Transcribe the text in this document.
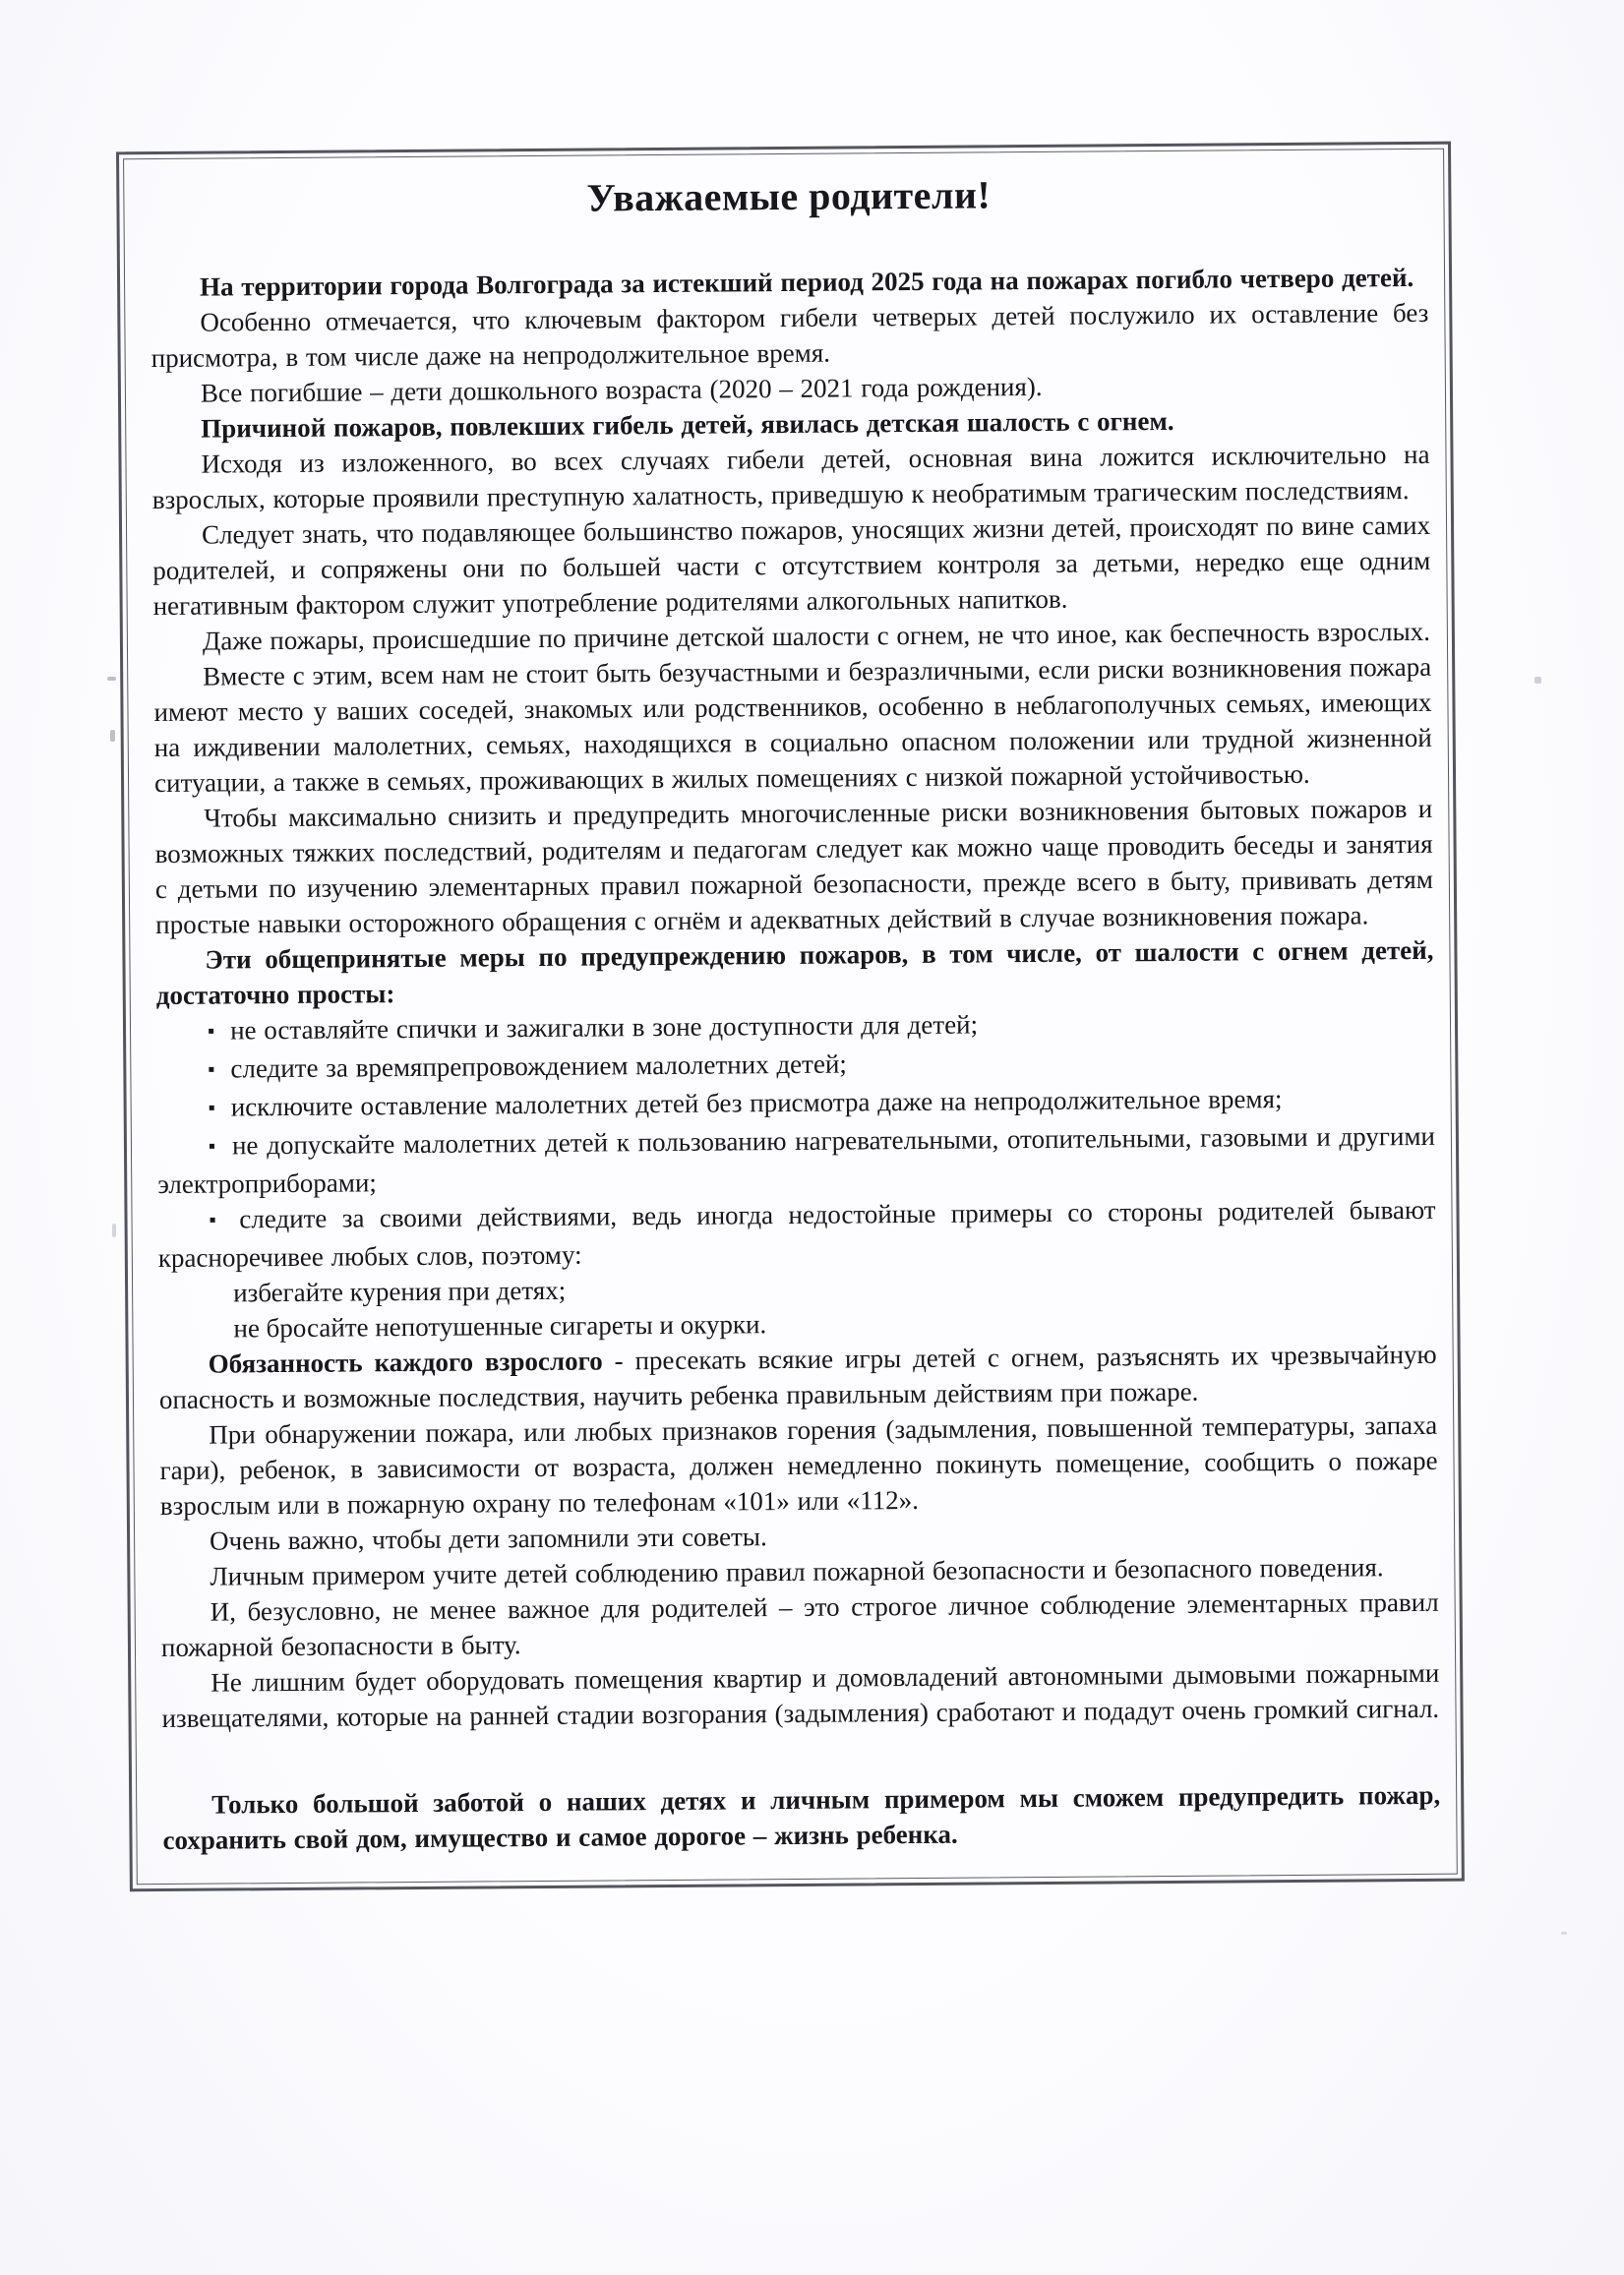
Уважаемые родители!

На территории города Волгограда за истекший период 2025 года на пожарах погибло четверо детей.

Особенно отмечается, что ключевым фактором гибели четверых детей послужило их оставление без присмотра, в том числе даже на непродолжительное время.

Все погибшие – дети дошкольного возраста (2020 – 2021 года рождения).

Причиной пожаров, повлекших гибель детей, явилась детская шалость с огнем.

Исходя из изложенного, во всех случаях гибели детей, основная вина ложится исключительно на взрослых, которые проявили преступную халатность, приведшую к необратимым трагическим последствиям.

Следует знать, что подавляющее большинство пожаров, уносящих жизни детей, происходят по вине самих родителей, и сопряжены они по большей части с отсутствием контроля за детьми, нередко еще одним негативным фактором служит употребление родителями алкогольных напитков.

Даже пожары, происшедшие по причине детской шалости с огнем, не что иное, как беспечность взрослых.

Вместе с этим, всем нам не стоит быть безучастными и безразличными, если риски возникновения пожара имеют место у ваших соседей, знакомых или родственников, особенно в неблагополучных семьях, имеющих на иждивении малолетних, семьях, находящихся в социально опасном положении или трудной жизненной ситуации, а также в семьях, проживающих в жилых помещениях с низкой пожарной устойчивостью.

Чтобы максимально снизить и предупредить многочисленные риски возникновения бытовых пожаров и возможных тяжких последствий, родителям и педагогам следует как можно чаще проводить беседы и занятия с детьми по изучению элементарных правил пожарной безопасности, прежде всего в быту, прививать детям простые навыки осторожного обращения с огнём и адекватных действий в случае возникновения пожара.

Эти общепринятые меры по предупреждению пожаров, в том числе, от шалости с огнем детей, достаточно просты:

▪ не оставляйте спички и зажигалки в зоне доступности для детей;

▪ следите за времяпрепровождением малолетних детей;

▪ исключите оставление малолетних детей без присмотра даже на непродолжительное время;

▪ не допускайте малолетних детей к пользованию нагревательными, отопительными, газовыми и другими электроприборами;

▪ следите за своими действиями, ведь иногда недостойные примеры со стороны родителей бывают красноречивее любых слов, поэтому:

избегайте курения при детях;

не бросайте непотушенные сигареты и окурки.

Обязанность каждого взрослого - пресекать всякие игры детей с огнем, разъяснять их чрезвычайную опасность и возможные последствия, научить ребенка правильным действиям при пожаре.

При обнаружении пожара, или любых признаков горения (задымления, повышенной температуры, запаха гари), ребенок, в зависимости от возраста, должен немедленно покинуть помещение, сообщить о пожаре взрослым или в пожарную охрану по телефонам «101» или «112».

Очень важно, чтобы дети запомнили эти советы.

Личным примером учите детей соблюдению правил пожарной безопасности и безопасного поведения.

И, безусловно, не менее важное для родителей – это строгое личное соблюдение элементарных правил пожарной безопасности в быту.

Не лишним будет оборудовать помещения квартир и домовладений автономными дымовыми пожарными извещателями, которые на ранней стадии возгорания (задымления) сработают и подадут очень громкий сигнал.

Только большой заботой о наших детях и личным примером мы сможем предупредить пожар, сохранить свой дом, имущество и самое дорогое – жизнь ребенка.
